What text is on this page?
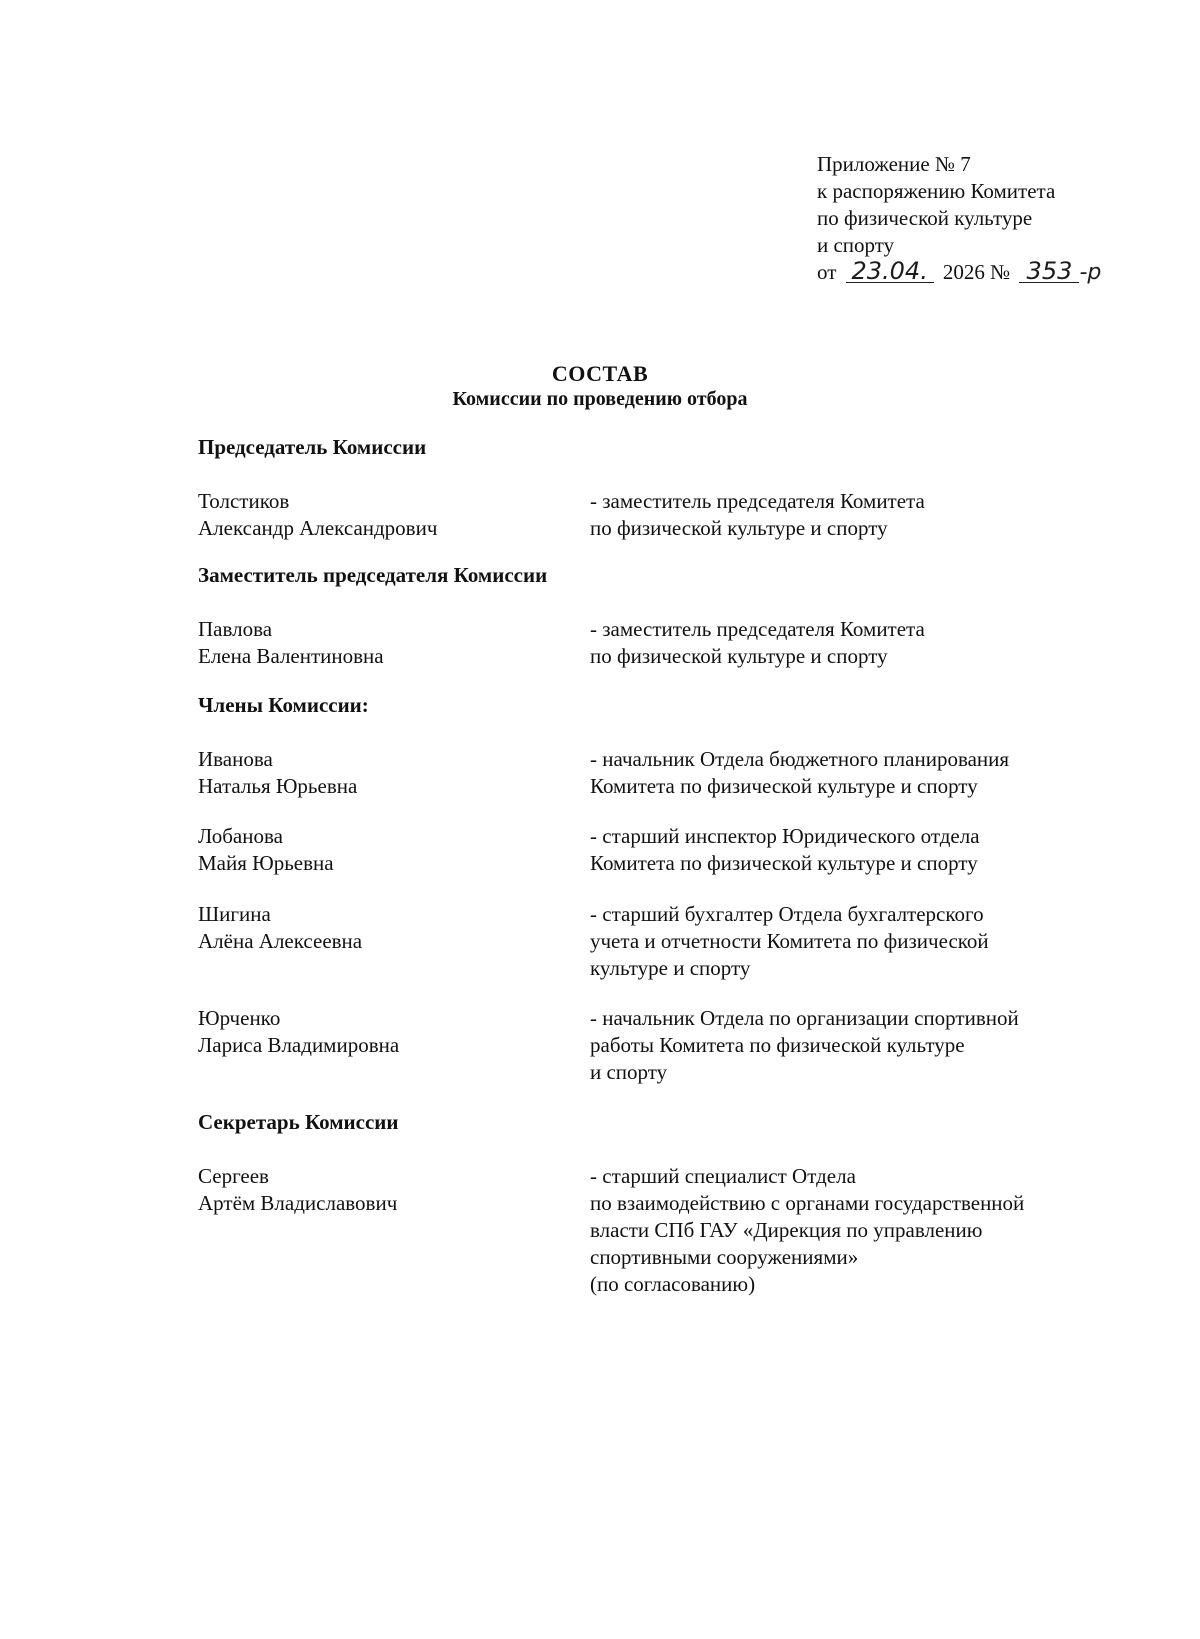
Приложение № 7
к распоряжению Комитета
по физической культуре
и спорту
от 23.04. 2026 № 353 -р
СОСТАВ
Комиссии по проведению отбора
Председатель Комиссии
Толстиков
Александр Александрович
- заместитель председателя Комитета
по физической культуре и спорту
Заместитель председателя Комиссии
Павлова
Елена Валентиновна
- заместитель председателя Комитета
по физической культуре и спорту
Члены Комиссии:
Иванова
Наталья Юрьевна
- начальник Отдела бюджетного планирования
Комитета по физической культуре и спорту
Лобанова
Майя Юрьевна
- старший инспектор Юридического отдела
Комитета по физической культуре и спорту
Шигина
Алёна Алексеевна
- старший бухгалтер Отдела бухгалтерского
учета и отчетности Комитета по физической
культуре и спорту
Юрченко
Лариса Владимировна
- начальник Отдела по организации спортивной
работы Комитета по физической культуре
и спорту
Секретарь Комиссии
Сергеев
Артём Владиславович
- старший специалист Отдела
по взаимодействию с органами государственной
власти СПб ГАУ «Дирекция по управлению
спортивными сооружениями»
(по согласованию)
